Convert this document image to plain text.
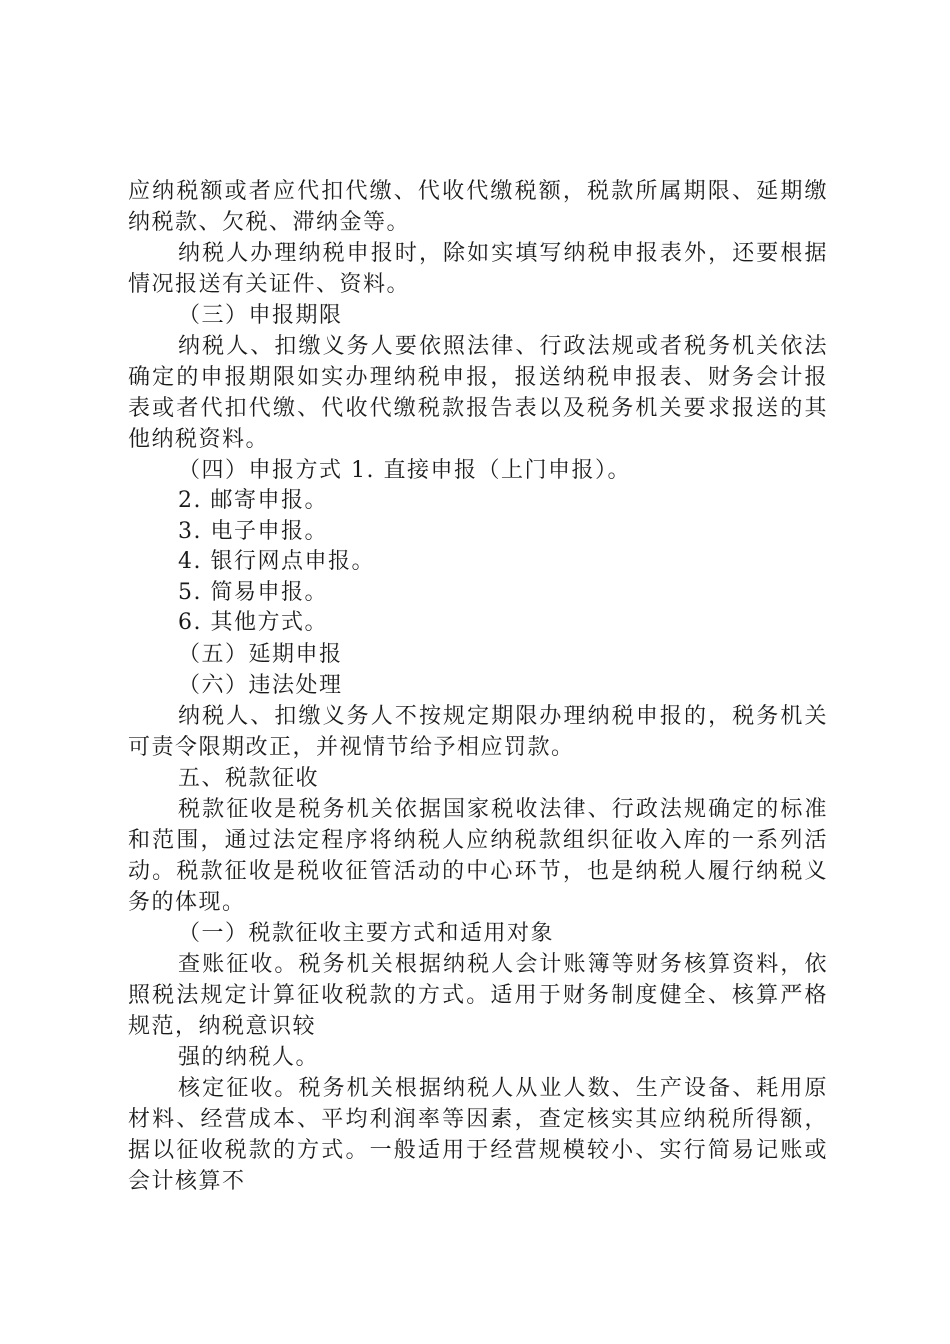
应纳税额或者应代扣代缴、代收代缴税额，税款所属期限、延期缴纳税款、欠税、滞纳金等。

纳税人办理纳税申报时，除如实填写纳税申报表外，还要根据情况报送有关证件、资料。

（三）申报期限

纳税人、扣缴义务人要依照法律、行政法规或者税务机关依法确定的申报期限如实办理纳税申报，报送纳税申报表、财务会计报表或者代扣代缴、代收代缴税款报告表以及税务机关要求报送的其他纳税资料。

（四）申报方式 1. 直接申报（上门申报）。

2. 邮寄申报。

3. 电子申报。

4. 银行网点申报。

5. 简易申报。

6. 其他方式。

（五）延期申报

（六）违法处理

纳税人、扣缴义务人不按规定期限办理纳税申报的，税务机关可责令限期改正，并视情节给予相应罚款。

五、税款征收

税款征收是税务机关依据国家税收法律、行政法规确定的标准和范围，通过法定程序将纳税人应纳税款组织征收入库的一系列活动。税款征收是税收征管活动的中心环节，也是纳税人履行纳税义务的体现。

（一）税款征收主要方式和适用对象

查账征收。税务机关根据纳税人会计账簿等财务核算资料，依照税法规定计算征收税款的方式。适用于财务制度健全、核算严格规范，纳税意识较

强的纳税人。

核定征收。税务机关根据纳税人从业人数、生产设备、耗用原材料、经营成本、平均利润率等因素，查定核实其应纳税所得额，据以征收税款的方式。一般适用于经营规模较小、实行简易记账或会计核算不
